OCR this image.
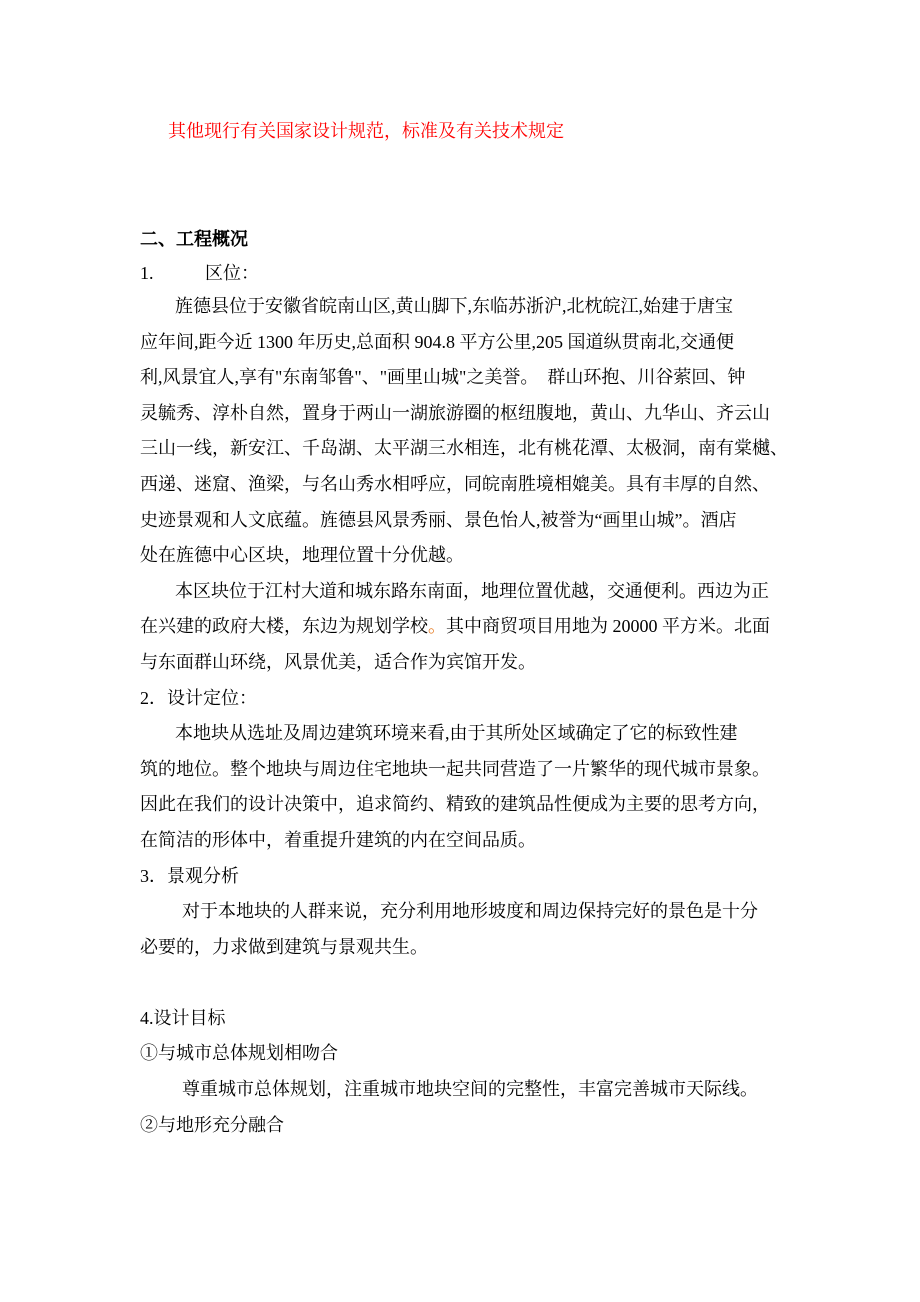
其他现行有关国家设计规范，标准及有关技术规定
二、工程概况
1.	区位：
旌德县位于安徽省皖南山区,黄山脚下,东临苏浙沪,北枕皖江,始建于唐宝
应年间,距今近 1300 年历史,总面积 904.8 平方公里,205 国道纵贯南北,交通便
利,风景宜人,享有"东南邹鲁"、"画里山城"之美誉。  群山环抱、川谷萦回、钟
灵毓秀、淳朴自然，置身于两山一湖旅游圈的枢纽腹地，黄山、九华山、齐云山
三山一线，新安江、千岛湖、太平湖三水相连，北有桃花潭、太极洞，南有棠樾、
西递、迷窟、渔梁，与名山秀水相呼应，同皖南胜境相媲美。具有丰厚的自然、
史迹景观和人文底蕴。旌德县风景秀丽、景色怡人,被誉为“画里山城”。酒店
处在旌德中心区块，地理位置十分优越。
本区块位于江村大道和城东路东南面，地理位置优越，交通便利。西边为正
在兴建的政府大楼，东边为规划学校。其中商贸项目用地为 20000 平方米。北面
与东面群山环绕，风景优美，适合作为宾馆开发。
2．设计定位：
本地块从选址及周边建筑环境来看,由于其所处区域确定了它的标致性建
筑的地位。整个地块与周边住宅地块一起共同营造了一片繁华的现代城市景象。
因此在我们的设计决策中，追求简约、精致的建筑品性便成为主要的思考方向，
在简洁的形体中，着重提升建筑的内在空间品质。
3．景观分析
对于本地块的人群来说，充分利用地形坡度和周边保持完好的景色是十分
必要的，力求做到建筑与景观共生。
4.设计目标
①与城市总体规划相吻合
尊重城市总体规划，注重城市地块空间的完整性，丰富完善城市天际线。
②与地形充分融合
